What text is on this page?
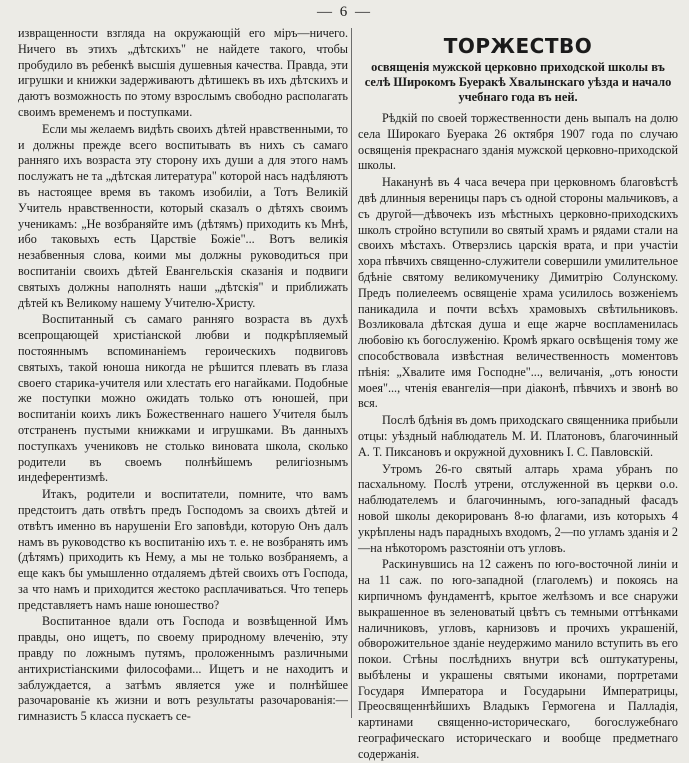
— 6 —

извращенности взгляда на окружающій его міръ—ничего. Ничего въ этихъ „дѣтскихъ" не найдете такого, чтобы пробудило въ ребенкѣ высшія душевныя качества. Правда, эти игрушки и книжки задерживаютъ дѣтишекъ въ ихъ дѣтскихъ и даютъ возможность по этому взрослымъ свободно располагать своимъ временемъ и поступками.

Если мы желаемъ видѣть своихъ дѣтей нравственными, то и должны прежде всего воспитывать въ нихъ съ самаго ранняго ихъ возраста эту сторону ихъ души а для этого намъ послужатъ не та „дѣтская литература" которой насъ надѣляютъ въ настоящее время въ такомъ изобиліи, а Тотъ Великій Учитель нравственности, который сказалъ о дѣтяхъ своимъ ученикамъ: „Не возбраняйте имъ (дѣтямъ) приходить къ Мнѣ, ибо таковыхъ есть Царствіе Божіе"... Вотъ великія незабвенныя слова, коими мы должны руководиться при воспитаніи своихъ дѣтей Евангельскія сказанія и подвиги святыхъ должны наполнять наши „дѣтскія" и приближать дѣтей къ Великому нашему Учителю-Христу.

Воспитанный съ самаго ранняго возраста въ духѣ всепрощающей христіанской любви и подкрѣпляемый постояннымъ вспоминаніемъ героическихъ подвиговъ святыхъ, такой юноша никогда не рѣшится плевать въ глаза своего старика-учителя или хлестать его нагайками. Подобные же поступки можно ожидать только отъ юношей, при воспитаніи коихъ ликъ Божественнаго нашего Учителя былъ отстраненъ пустыми книжками и игрушками. Въ данныхъ поступкахъ учениковъ не столько виновата школа, сколько родители въ своемъ полнѣйшемъ религіознымъ индеферентизмѣ.

Итакъ, родители и воспитатели, помните, что вамъ предстоитъ дать отвѣтъ предъ Господомъ за своихъ дѣтей и отвѣтъ именно въ нарушеніи Его заповѣди, которую Онъ далъ намъ въ руководство къ воспитанію ихъ т. е. не возбранять имъ (дѣтямъ) приходить къ Нему, а мы не только возбраняемъ, а еще какъ бы умышленно отдаляемъ дѣтей своихъ отъ Господа, за что намъ и приходится жестоко расплачиваться. Что теперь представляетъ намъ наше юношество?

Воспитанное вдали отъ Господа и возвѣщенной Имъ правды, оно ищетъ, по своему природному влеченію, эту правду по ложнымъ путямъ, проложеннымъ различными антихристіанскими философами... Ищетъ и не находитъ и заблуждается, а затѣмъ является уже и полнѣйшее разочарованіе къ жизни и вотъ результаты разочарованія:—гимназистъ 5 класса пускаетъ се-

ТОРЖЕСТВО
освященія мужской церковно приходской школы въ селѣ Широкомъ Буеракѣ Хвалынскаго уѣзда и начало учебнаго года въ ней.

Рѣдкій по своей торжественности день выпалъ на долю села Широкаго Буерака 26 октября 1907 года по случаю освященія прекраснаго зданія мужской церковно-приходской школы.

Наканунѣ въ 4 часа вечера при церковномъ благовѣстѣ двѣ длинныя вереницы паръ съ одной стороны мальчиковъ, а съ другой—дѣвочекъ изъ мѣстныхъ церковно-приходскихъ школъ стройно вступили во святый храмъ и рядами стали на своихъ мѣстахъ. Отверзлись царскія врата, и при участіи хора пѣвчихъ священно-служители совершили умилительное бдѣніе святому великомученику Димитрію Солунскому. Предъ полиелеемъ освященіе храма усилилось возженіемъ паникадила и почти всѣхъ храмовыхъ свѣтильниковъ. Возликовала дѣтская душа и еще жарче воспламенилась любовію къ богослуженію. Кромѣ яркаго освѣщенія тому же способствовала извѣстная величественность моментовъ пѣнія: „Хвалите имя Господне"..., величанія, „отъ юности моея"..., чтенія евангелія—при діаконѣ, пѣвчихъ и звонѣ во вся.

Послѣ бдѣнія въ домъ приходскаго священника прибыли отцы: уѣздный наблюдатель М. И. Платоновъ, благочинный А. Т. Пиксановъ и окружной духовникъ I. С. Павловскій.

Утромъ 26-го святый алтарь храма убранъ по пасхальному. Послѣ утрени, отслуженной въ церкви о.о. наблюдателемъ и благочиннымъ, юго-западный фасадъ новой школы декорированъ 8-ю флагами, изъ которыхъ 4 укрѣплены надъ парадныхъ входомъ, 2—по угламъ зданія и 2—на нѣкоторомъ разстояніи отъ угловъ.

Раскинувшись на 12 саженъ по юго-восточной линіи и на 11 саж. по юго-западной (глаголемъ) и покоясь на кирпичномъ фундаментѣ, крытое желѣзомъ и все снаружи выкрашенное въ зеленоватый цвѣтъ съ темными оттѣнками наличниковъ, угловъ, карнизовъ и прочихъ украшеній, обворожительное зданіе неудержимо манило вступить въ его покои. Стѣны послѣднихъ внутри всѣ оштукатурены, выбѣлены и украшены святыми иконами, портретами Государя Императора и Государыни Императрицы, Преосвященнѣйшихъ Владыкъ Гермогена и Палладія, картинами священно-историческаго, богослужебнаго географическаго историческаго и вообще предметнаго содержанія.
